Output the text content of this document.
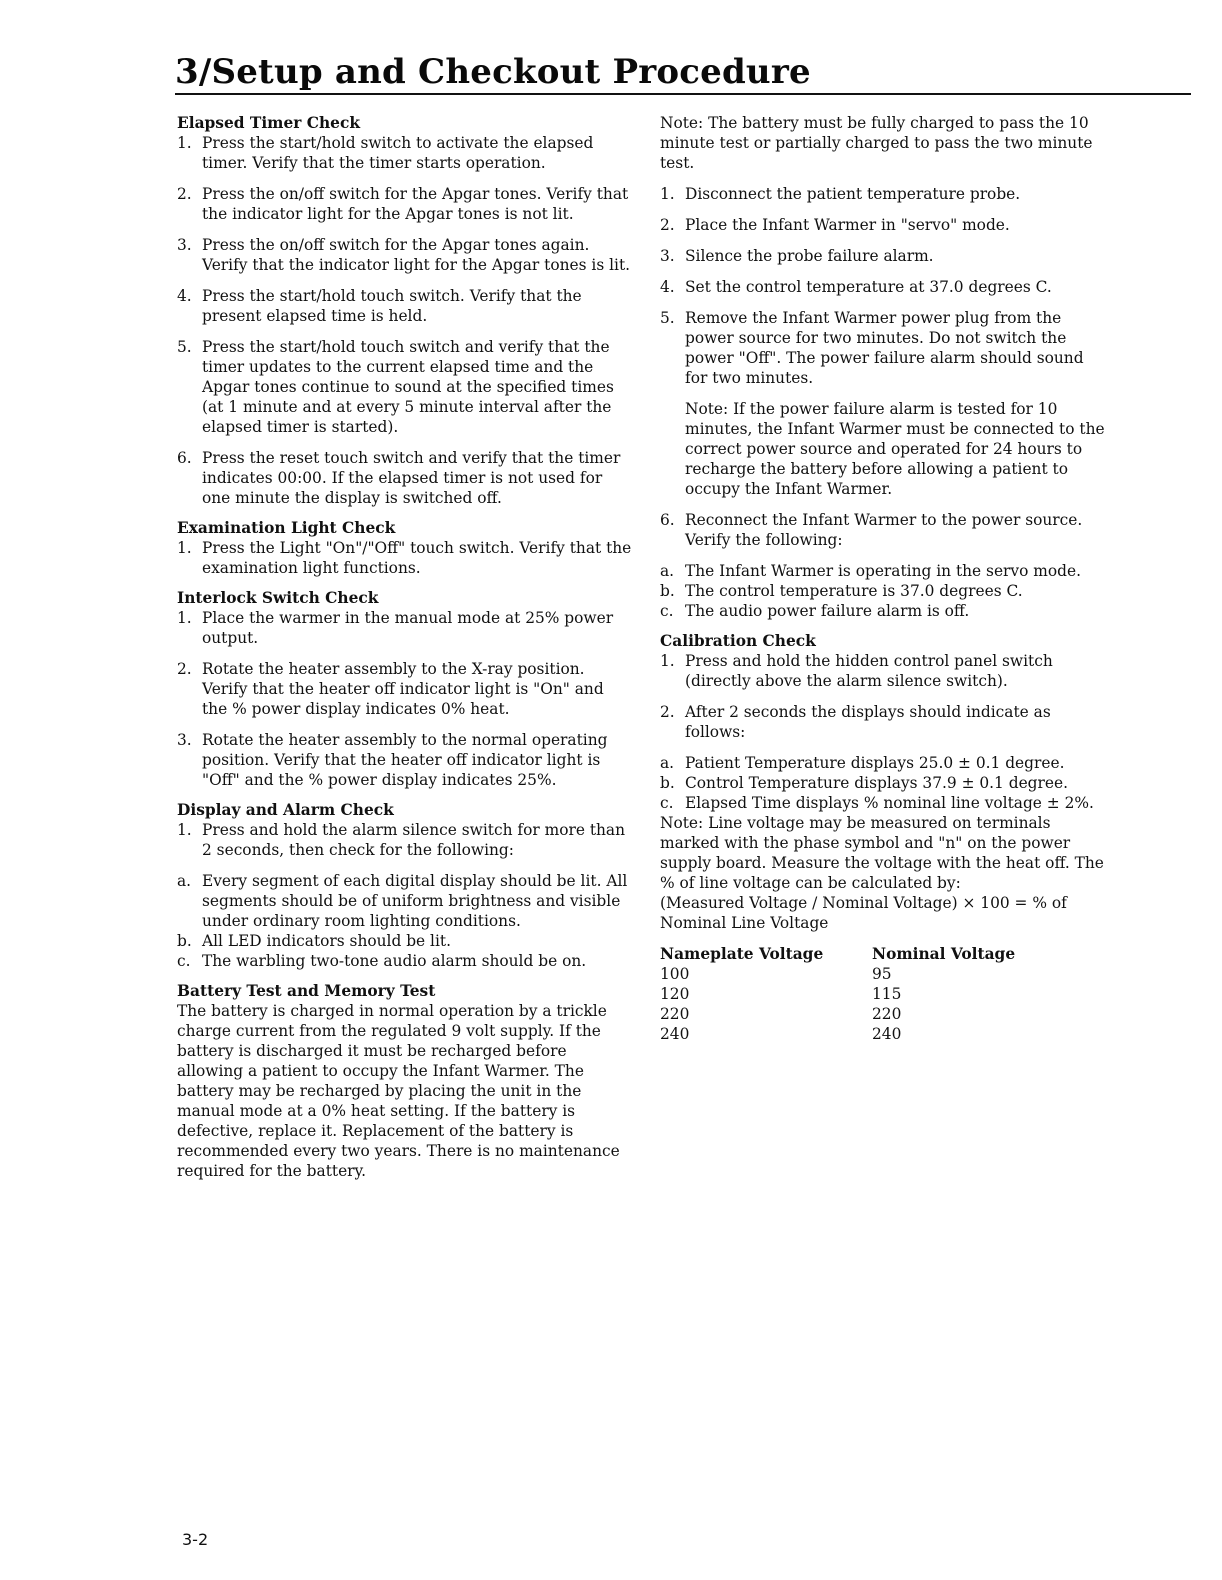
3/Setup and Checkout Procedure

Elapsed Timer Check

1. Press the start/hold switch to activate the elapsed timer. Verify that the timer starts operation.
2. Press the on/off switch for the Apgar tones. Verify that the indicator light for the Apgar tones is not lit.
3. Press the on/off switch for the Apgar tones again. Verify that the indicator light for the Apgar tones is lit.
4. Press the start/hold touch switch. Verify that the present elapsed time is held.
5. Press the start/hold touch switch and verify that the timer updates to the current elapsed time and the Apgar tones continue to sound at the specified times (at 1 minute and at every 5 minute interval after the elapsed timer is started).
6. Press the reset touch switch and verify that the timer indicates 00:00. If the elapsed timer is not used for one minute the display is switched off.

Examination Light Check

1. Press the Light "On"/"Off" touch switch. Verify that the examination light functions.

Interlock Switch Check

1. Place the warmer in the manual mode at 25% power output.
2. Rotate the heater assembly to the X-ray position. Verify that the heater off indicator light is "On" and the % power display indicates 0% heat.
3. Rotate the heater assembly to the normal operating position. Verify that the heater off indicator light is "Off" and the % power display indicates 25%.

Display and Alarm Check

1. Press and hold the alarm silence switch for more than 2 seconds, then check for the following:
a. Every segment of each digital display should be lit. All segments should be of uniform brightness and visible under ordinary room lighting conditions.
b. All LED indicators should be lit.
c. The warbling two-tone audio alarm should be on.

Battery Test and Memory Test

The battery is charged in normal operation by a trickle charge current from the regulated 9 volt supply. If the battery is discharged it must be recharged before allowing a patient to occupy the Infant Warmer. The battery may be recharged by placing the unit in the manual mode at a 0% heat setting. If the battery is defective, replace it. Replacement of the battery is recommended every two years. There is no maintenance required for the battery.

Note: The battery must be fully charged to pass the 10 minute test or partially charged to pass the two minute test.

1. Disconnect the patient temperature probe.
2. Place the Infant Warmer in "servo" mode.
3. Silence the probe failure alarm.
4. Set the control temperature at 37.0 degrees C.
5. Remove the Infant Warmer power plug from the power source for two minutes. Do not switch the power "Off". The power failure alarm should sound for two minutes.

Note: If the power failure alarm is tested for 10 minutes, the Infant Warmer must be connected to the correct power source and operated for 24 hours to recharge the battery before allowing a patient to occupy the Infant Warmer.

6. Reconnect the Infant Warmer to the power source. Verify the following:
a. The Infant Warmer is operating in the servo mode.
b. The control temperature is 37.0 degrees C.
c. The audio power failure alarm is off.

Calibration Check

1. Press and hold the hidden control panel switch (directly above the alarm silence switch).
2. After 2 seconds the displays should indicate as follows:
a. Patient Temperature displays 25.0 ± 0.1 degree.
b. Control Temperature displays 37.9 ± 0.1 degree.
c. Elapsed Time displays % nominal line voltage ± 2%.

Note: Line voltage may be measured on terminals marked with the phase symbol and "n" on the power supply board. Measure the voltage with the heat off. The % of line voltage can be calculated by:

(Measured Voltage / Nominal Voltage) × 100 = % of Nominal Line Voltage

Nameplate Voltage	Nominal Voltage
100	95
120	115
220	220
240	240
3-2
